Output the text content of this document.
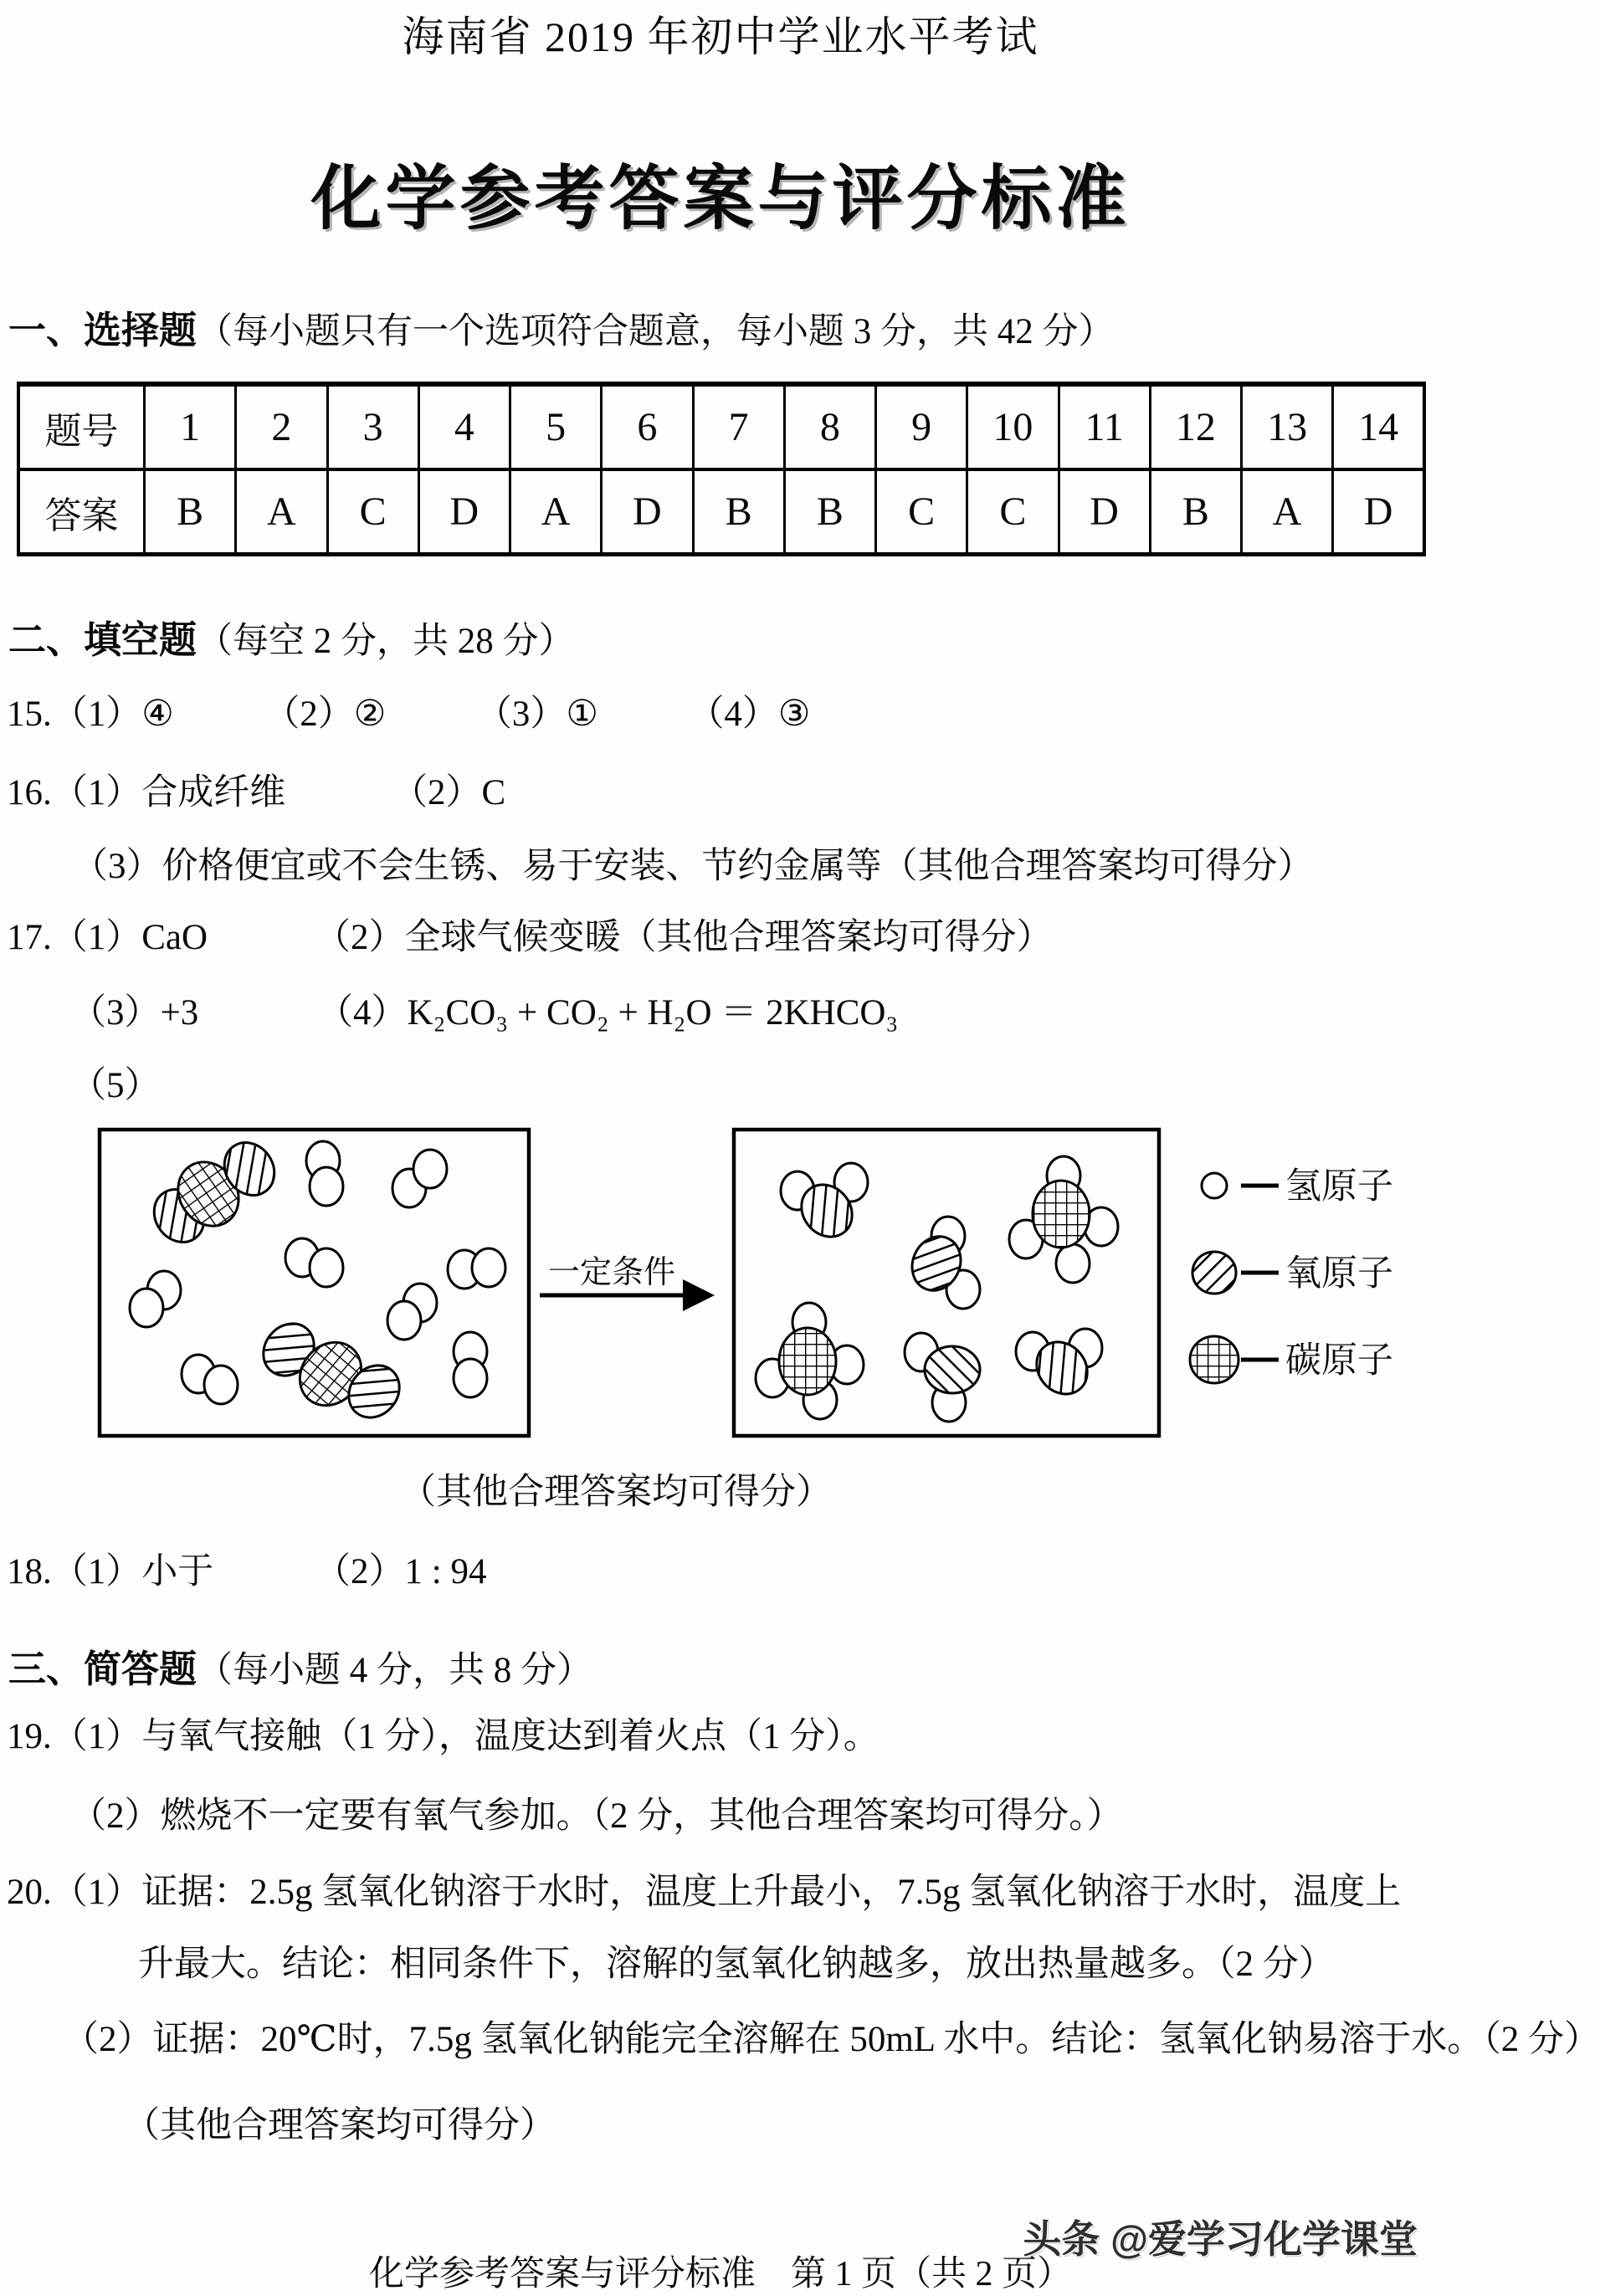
海南省 2019 年初中学业水平考试
化学参考答案与评分标准
一、选择题（每小题只有一个选项符合题意，每小题 3 分，共 42 分）
题号	1	2	3	4	5	6	7	8	9	10	11	12	13	14
答案	B	A	C	D	A	D	B	B	C	C	D	B	A	D
二、填空题（每空 2 分，共 28 分）
15.（1）④　　　（2）②　　　（3）①　　　（4）③
16.（1）合成纤维	（2）C
（3）价格便宜或不会生锈、易于安装、节约金属等（其他合理答案均可得分）
17.（1）CaO	（2）全球气候变暖（其他合理答案均可得分）
（3）+3	（4）K₂CO₃ + CO₂ + H₂O ＝ 2KHCO₃
（5）
一定条件
氢原子
氧原子
碳原子
（其他合理答案均可得分）
18.（1）小于	（2）1 : 94
三、简答题（每小题 4 分，共 8 分）
19.（1）与氧气接触（1 分），温度达到着火点（1 分）。
（2）燃烧不一定要有氧气参加。（2 分，其他合理答案均可得分。）
20.（1）证据：2.5g 氢氧化钠溶于水时，温度上升最小，7.5g 氢氧化钠溶于水时，温度上
升最大。结论：相同条件下，溶解的氢氧化钠越多，放出热量越多。（2 分）
（2）证据：20℃时，7.5g 氢氧化钠能完全溶解在 50mL 水中。结论：氢氧化钠易溶于水。（2 分）
（其他合理答案均可得分）
头条 @爱学习化学课堂
化学参考答案与评分标准　第 1 页（共 2 页）
